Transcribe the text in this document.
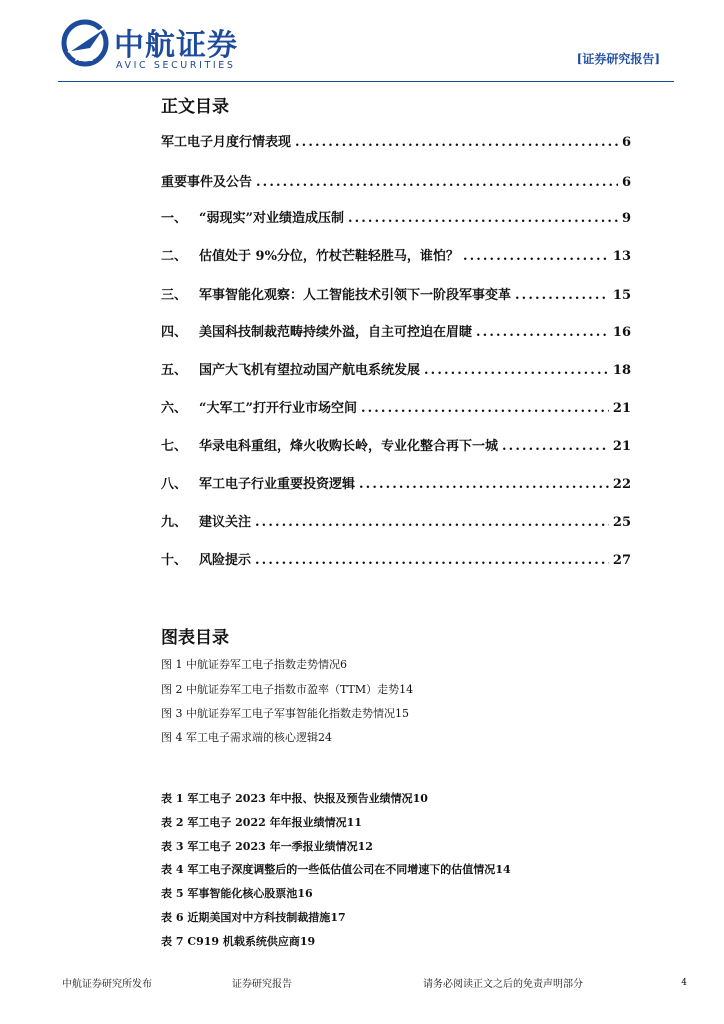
AVIC 中航证券
AVIC SECURITIES	[证券研究报告]
正文目录
军工电子月度行情表现 . . .	6
重要事件及公告 . . .	6
一、 “弱现实”对业绩造成压制 . . .	9
二、 估值处于 9%分位，竹杖芒鞋轻胜马，谁怕？ . . .	13
三、 军事智能化观察：人工智能技术引领下一阶段军事变革 . . .	15
四、 美国科技制裁范畴持续外溢，自主可控迫在眉睫 . . .	16
五、 国产大飞机有望拉动国产航电系统发展 . . .	18
六、 “大军工”打开行业市场空间 . . .	21
七、 华录电科重组，烽火收购长岭，专业化整合再下一城 . . .	21
八、 军工电子行业重要投资逻辑 . . .	22
九、 建议关注 . . .	25
十、 风险提示 . . .	27
图表目录
图 1 中航证券军工电子指数走势情况 6
图 2 中航证券军工电子指数市盈率（TTM）走势 14
图 3 中航证券军工电子军事智能化指数走势情况 15
图 4 军工电子需求端的核心逻辑 24
表 1 军工电子 2023 年中报、快报及预告业绩情况 10
表 2 军工电子 2022 年年报业绩情况 11
表 3 军工电子 2023 年一季报业绩情况 12
表 4 军工电子深度调整后的一些低估值公司在不同增速下的估值情况 14
表 5 军事智能化核心股票池 16
表 6 近期美国对中方科技制裁措施 17
表 7 C919 机载系统供应商 19
中航证券研究所发布	证券研究报告	请务必阅读正文之后的免责声明部分	4
